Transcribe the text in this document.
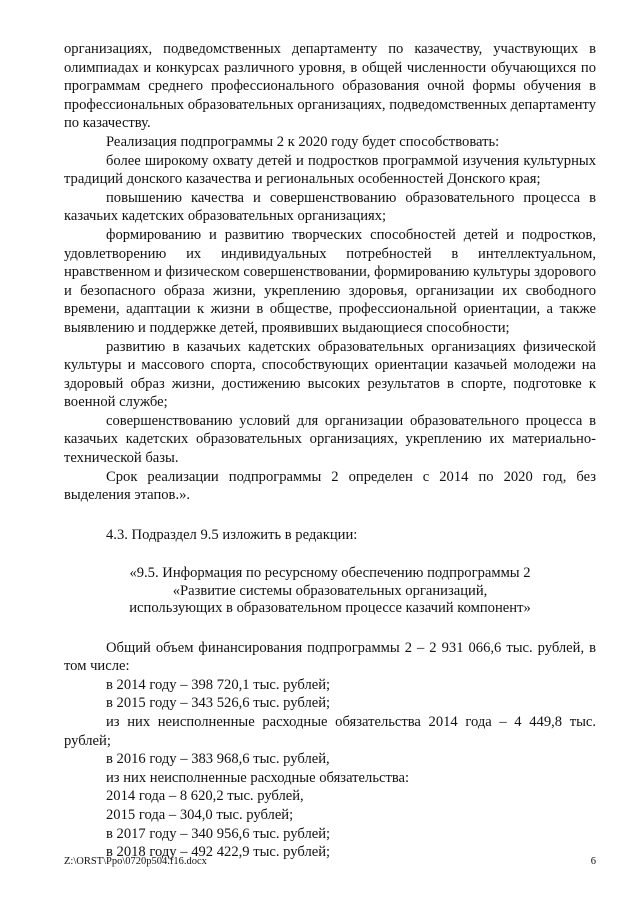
организациях, подведомственных департаменту по казачеству, участвующих в олимпиадах и конкурсах различного уровня, в общей численности обучающихся по программам среднего профессионального образования очной формы обучения в профессиональных образовательных организациях, подведомственных департаменту по казачеству.

Реализация подпрограммы 2 к 2020 году будет способствовать:

более широкому охвату детей и подростков программой изучения культурных традиций донского казачества и региональных особенностей Донского края;

повышению качества и совершенствованию образовательного процесса в казачьих кадетских образовательных организациях;

формированию и развитию творческих способностей детей и подростков, удовлетворению их индивидуальных потребностей в интеллектуальном, нравственном и физическом совершенствовании, формированию культуры здорового и безопасного образа жизни, укреплению здоровья, организации их свободного времени, адаптации к жизни в обществе, профессиональной ориентации, а также выявлению и поддержке детей, проявивших выдающиеся способности;

развитию в казачьих кадетских образовательных организациях физической культуры и массового спорта, способствующих ориентации казачьей молодежи на здоровый образ жизни, достижению высоких результатов в спорте, подготовке к военной службе;

совершенствованию условий для организации образовательного процесса в казачьих кадетских образовательных организациях, укреплению их материально-технической базы.

Срок реализации подпрограммы 2 определен с 2014 по 2020 год, без выделения этапов.».

4.3. Подраздел 9.5 изложить в редакции:

«9.5. Информация по ресурсному обеспечению подпрограммы 2
«Развитие системы образовательных организаций,
использующих в образовательном процессе казачий компонент»

Общий объем финансирования подпрограммы 2 – 2 931 066,6 тыс. рублей, в том числе:

в 2014 году – 398 720,1 тыс. рублей;

в 2015 году – 343 526,6 тыс. рублей;

из них неисполненные расходные обязательства 2014 года – 4 449,8 тыс. рублей;

в 2016 году – 383 968,6 тыс. рублей,

из них неисполненные расходные обязательства:

2014 года – 8 620,2 тыс. рублей,

2015 года – 304,0 тыс. рублей;

в 2017 году – 340 956,6 тыс. рублей;

в 2018 году – 492 422,9 тыс. рублей;

Z:\ORST\Ppo\0720p504.f16.docx	6
